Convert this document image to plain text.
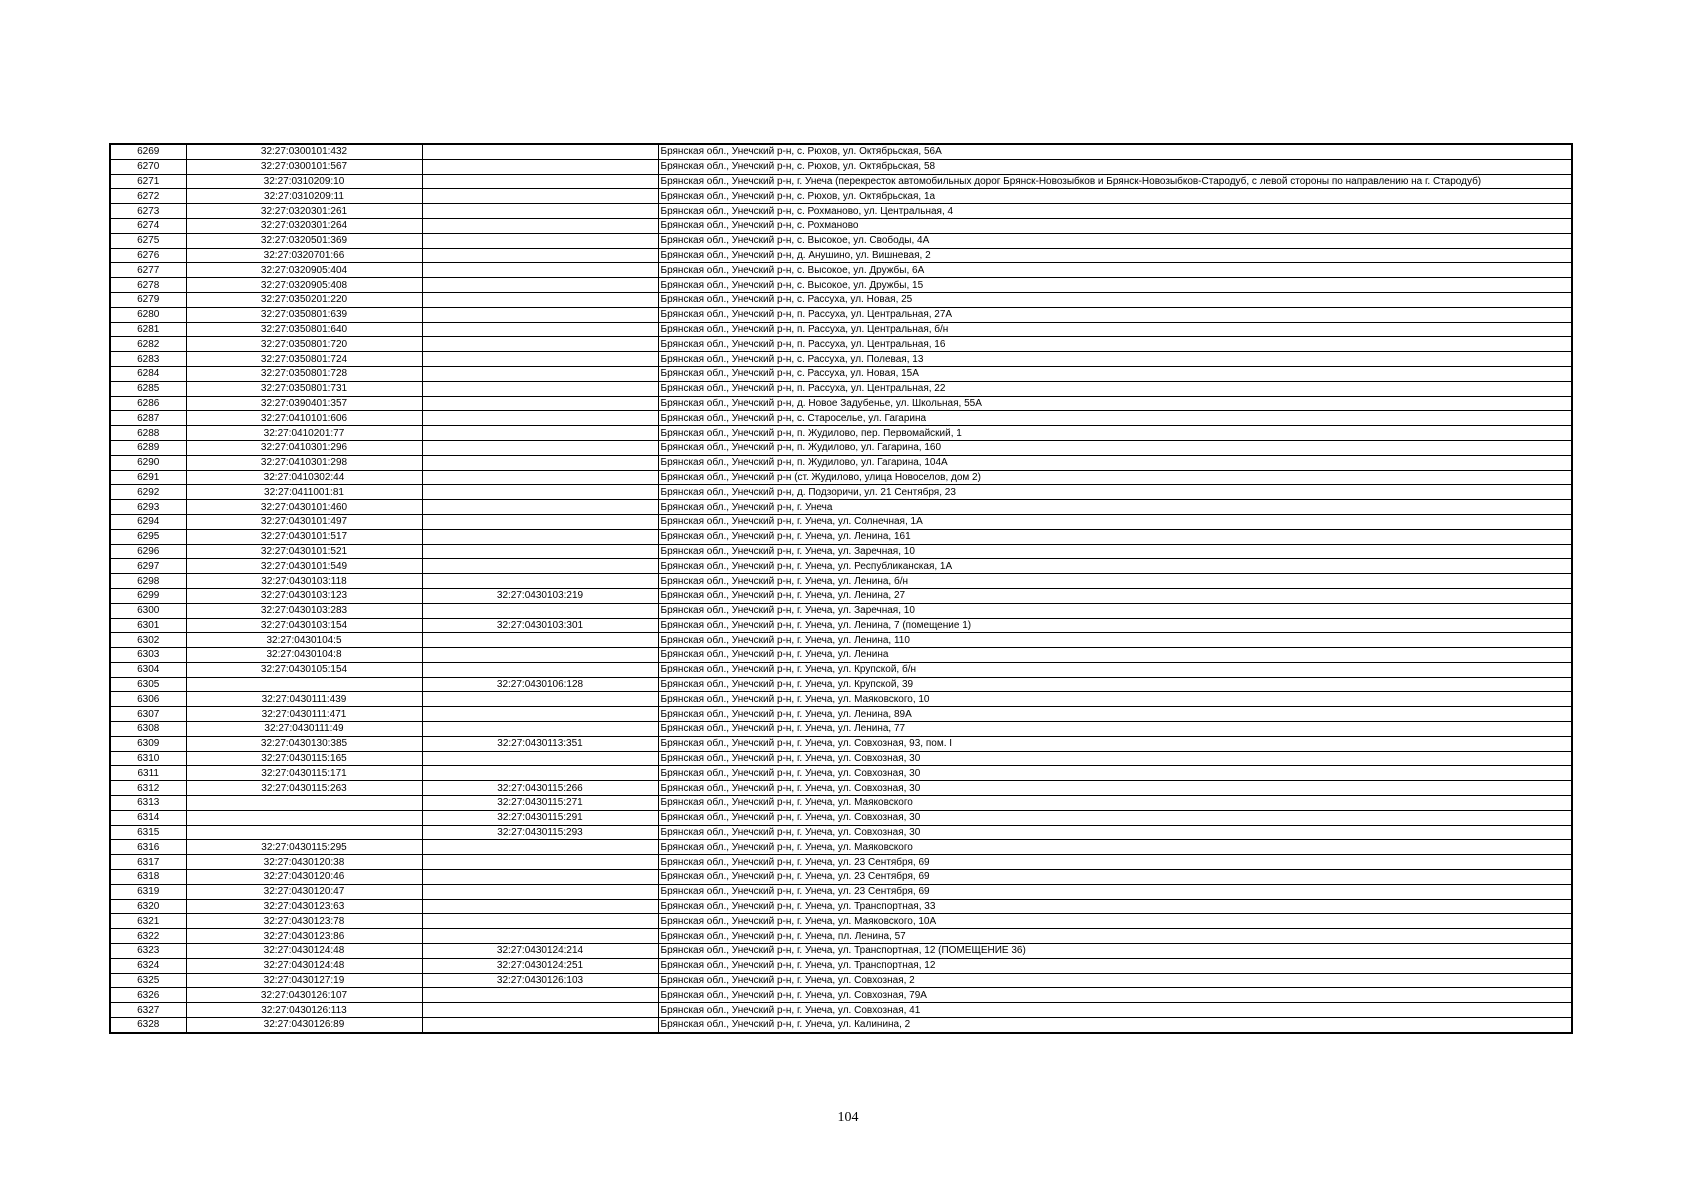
6269	32:27:0300101:432		Брянская обл., Унечский р-н, с. Рюхов, ул. Октябрьская, 56А
6270	32:27:0300101:567		Брянская обл., Унечский р-н, с. Рюхов, ул. Октябрьская, 58
6271	32:27:0310209:10		Брянская обл., Унечский р-н, г. Унеча (перекресток автомобильных дорог Брянск-Новозыбков и Брянск-Новозыбков-Стародуб, с левой стороны по направлению на г. Стародуб)
6272	32:27:0310209:11		Брянская обл., Унечский р-н, с. Рюхов, ул. Октябрьская, 1а
6273	32:27:0320301:261		Брянская обл., Унечский р-н, с. Рохманово, ул. Центральная, 4
6274	32:27:0320301:264		Брянская обл., Унечский р-н, с. Рохманово
6275	32:27:0320501:369		Брянская обл., Унечский р-н, с. Высокое, ул. Свободы, 4А
6276	32:27:0320701:66		Брянская обл., Унечский р-н, д. Анушино, ул. Вишневая, 2
6277	32:27:0320905:404		Брянская обл., Унечский р-н, с. Высокое, ул. Дружбы, 6А
6278	32:27:0320905:408		Брянская обл., Унечский р-н, с. Высокое, ул. Дружбы, 15
6279	32:27:0350201:220		Брянская обл., Унечский р-н, с. Рассуха, ул. Новая, 25
6280	32:27:0350801:639		Брянская обл., Унечский р-н, п. Рассуха, ул. Центральная, 27А
6281	32:27:0350801:640		Брянская обл., Унечский р-н, п. Рассуха, ул. Центральная, б/н
6282	32:27:0350801:720		Брянская обл., Унечский р-н, п. Рассуха, ул. Центральная, 16
6283	32:27:0350801:724		Брянская обл., Унечский р-н, с. Рассуха, ул. Полевая, 13
6284	32:27:0350801:728		Брянская обл., Унечский р-н, с. Рассуха, ул. Новая, 15А
6285	32:27:0350801:731		Брянская обл., Унечский р-н, п. Рассуха, ул. Центральная, 22
6286	32:27:0390401:357		Брянская обл., Унечский р-н, д. Новое Задубенье, ул. Школьная, 55А
6287	32:27:0410101:606		Брянская обл., Унечский р-н, с. Староселье, ул. Гагарина
6288	32:27:0410201:77		Брянская обл., Унечский р-н, п. Жудилово, пер. Первомайский, 1
6289	32:27:0410301:296		Брянская обл., Унечский р-н, п. Жудилово, ул. Гагарина, 160
6290	32:27:0410301:298		Брянская обл., Унечский р-н, п. Жудилово, ул. Гагарина, 104А
6291	32:27:0410302:44		Брянская обл., Унечский р-н (ст. Жудилово, улица Новоселов, дом 2)
6292	32:27:0411001:81		Брянская обл., Унечский р-н, д. Подзоричи, ул. 21 Сентября, 23
6293	32:27:0430101:460		Брянская обл., Унечский р-н, г. Унеча
6294	32:27:0430101:497		Брянская обл., Унечский р-н, г. Унеча, ул. Солнечная, 1А
6295	32:27:0430101:517		Брянская обл., Унечский р-н, г. Унеча, ул. Ленина, 161
6296	32:27:0430101:521		Брянская обл., Унечский р-н, г. Унеча, ул. Заречная, 10
6297	32:27:0430101:549		Брянская обл., Унечский р-н, г. Унеча, ул. Республиканская, 1А
6298	32:27:0430103:118		Брянская обл., Унечский р-н, г. Унеча, ул. Ленина, б/н
6299	32:27:0430103:123	32:27:0430103:219	Брянская обл., Унечский р-н, г. Унеча, ул. Ленина, 27
6300	32:27:0430103:283		Брянская обл., Унечский р-н, г. Унеча, ул. Заречная, 10
6301	32:27:0430103:154	32:27:0430103:301	Брянская обл., Унечский р-н, г. Унеча, ул. Ленина, 7 (помещение 1)
6302	32:27:0430104:5		Брянская обл., Унечский р-н, г. Унеча, ул. Ленина, 110
6303	32:27:0430104:8		Брянская обл., Унечский р-н, г. Унеча, ул. Ленина
6304	32:27:0430105:154		Брянская обл., Унечский р-н, г. Унеча, ул. Крупской, б/н
6305		32:27:0430106:128	Брянская обл., Унечский р-н, г. Унеча, ул. Крупской, 39
6306	32:27:0430111:439		Брянская обл., Унечский р-н, г. Унеча, ул. Маяковского, 10
6307	32:27:0430111:471		Брянская обл., Унечский р-н, г. Унеча, ул. Ленина, 89А
6308	32:27:0430111:49		Брянская обл., Унечский р-н, г. Унеча, ул. Ленина, 77
6309	32:27:0430130:385	32:27:0430113:351	Брянская обл., Унечский р-н, г. Унеча, ул. Совхозная, 93, пом. I
6310	32:27:0430115:165		Брянская обл., Унечский р-н, г. Унеча, ул. Совхозная, 30
6311	32:27:0430115:171		Брянская обл., Унечский р-н, г. Унеча, ул. Совхозная, 30
6312	32:27:0430115:263	32:27:0430115:266	Брянская обл., Унечский р-н, г. Унеча, ул. Совхозная, 30
6313		32:27:0430115:271	Брянская обл., Унечский р-н, г. Унеча, ул. Маяковского
6314		32:27:0430115:291	Брянская обл., Унечский р-н, г. Унеча, ул. Совхозная, 30
6315		32:27:0430115:293	Брянская обл., Унечский р-н, г. Унеча, ул. Совхозная, 30
6316	32:27:0430115:295		Брянская обл., Унечский р-н, г. Унеча, ул. Маяковского
6317	32:27:0430120:38		Брянская обл., Унечский р-н, г. Унеча, ул. 23 Сентября, 69
6318	32:27:0430120:46		Брянская обл., Унечский р-н, г. Унеча, ул. 23 Сентября, 69
6319	32:27:0430120:47		Брянская обл., Унечский р-н, г. Унеча, ул. 23 Сентября, 69
6320	32:27:0430123:63		Брянская обл., Унечский р-н, г. Унеча, ул. Транспортная, 33
6321	32:27:0430123:78		Брянская обл., Унечский р-н, г. Унеча, ул. Маяковского, 10А
6322	32:27:0430123:86		Брянская обл., Унечский р-н, г. Унеча, пл. Ленина, 57
6323	32:27:0430124:48	32:27:0430124:214	Брянская обл., Унечский р-н, г. Унеча, ул. Транспортная, 12 (ПОМЕЩЕНИЕ 36)
6324	32:27:0430124:48	32:27:0430124:251	Брянская обл., Унечский р-н, г. Унеча, ул. Транспортная, 12
6325	32:27:0430127:19	32:27:0430126:103	Брянская обл., Унечский р-н, г. Унеча, ул. Совхозная, 2
6326	32:27:0430126:107		Брянская обл., Унечский р-н, г. Унеча, ул. Совхозная, 79А
6327	32:27:0430126:113		Брянская обл., Унечский р-н, г. Унеча, ул. Совхозная, 41
6328	32:27:0430126:89		Брянская обл., Унечский р-н, г. Унеча, ул. Калинина, 2
104
